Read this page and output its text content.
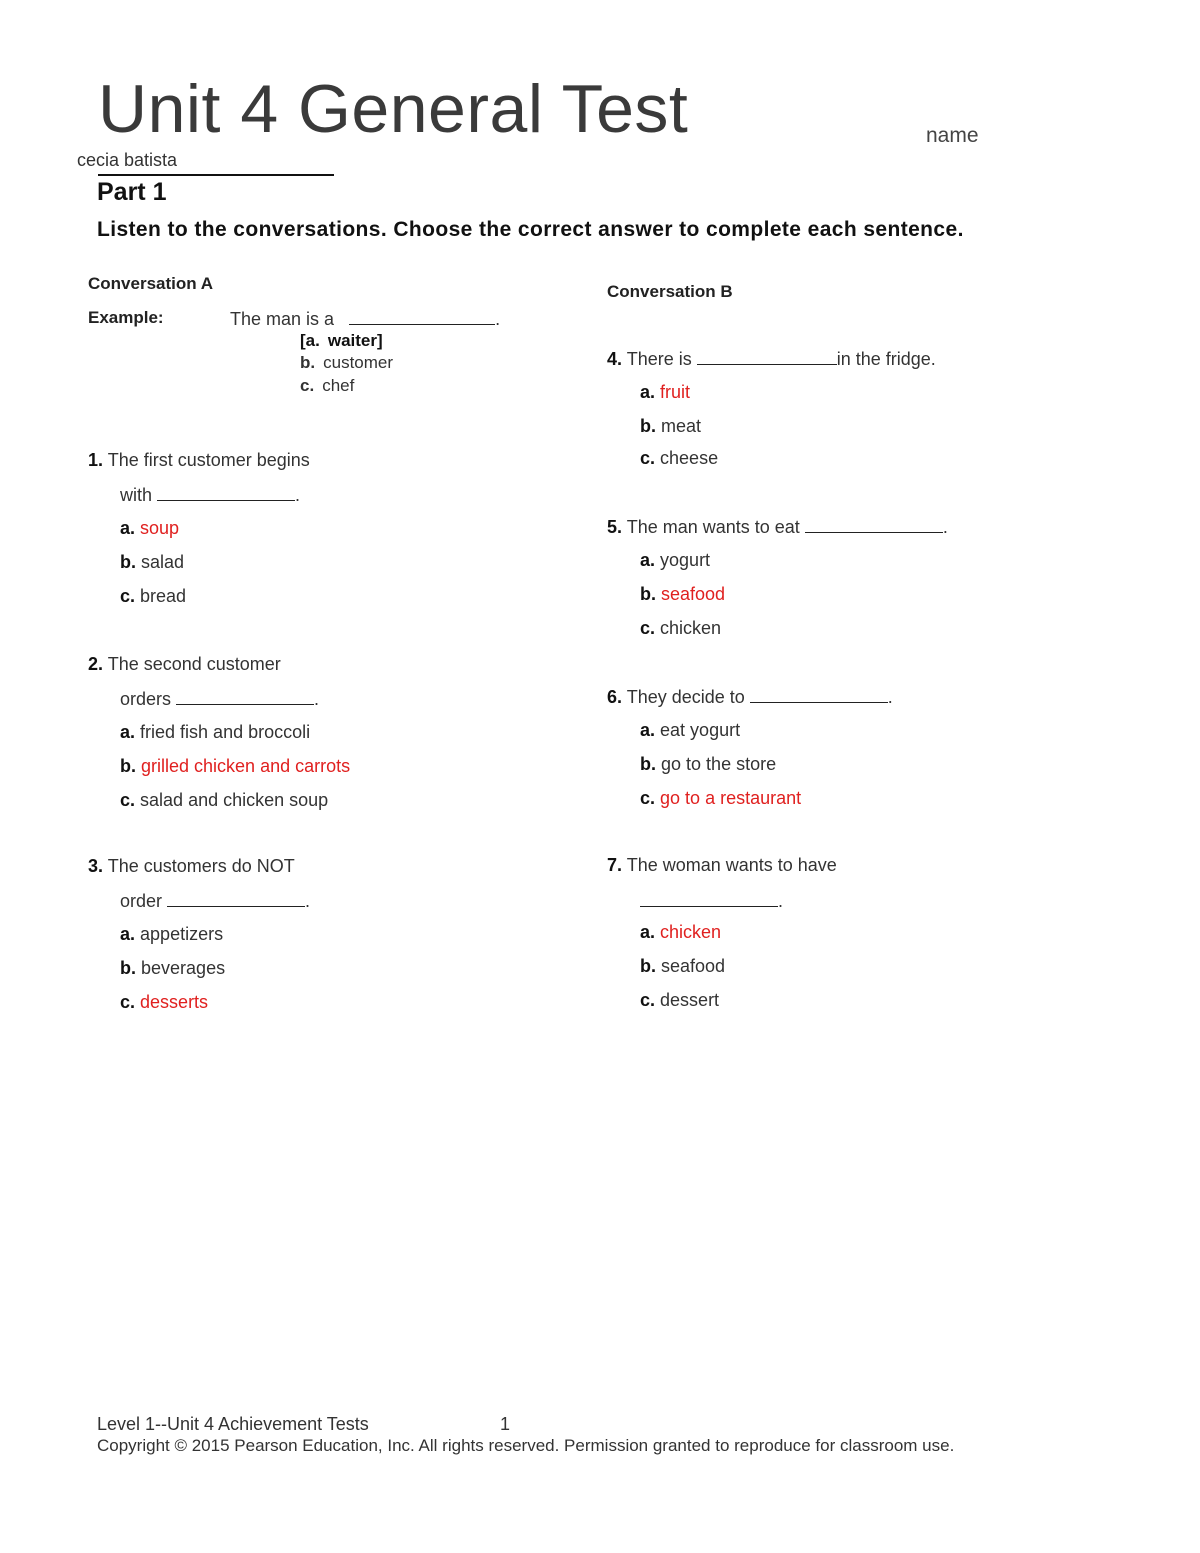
Unit 4 General Test	name
cecia batista
Part 1
Listen to the conversations. Choose the correct answer to complete each sentence.
Conversation A	Conversation B
Example:	The man is a	.
[a. waiter]
b. customer
c. chef
1. The first customer begins
with	.
a. soup
b. salad
c. bread
2. The second customer
orders	.
a. fried fish and broccoli
b. grilled chicken and carrots
c. salad and chicken soup
3. The customers do NOT
order	.
a. appetizers
b. beverages
c. desserts
4. There is	in the fridge.
a. fruit
b. meat
c. cheese
5. The man wants to eat	.
a. yogurt
b. seafood
c. chicken
6. They decide to	.
a. eat yogurt
b. go to the store
c. go to a restaurant
7. The woman wants to have
.
a. chicken
b. seafood
c. dessert
Level 1--Unit 4 Achievement Tests	1
Copyright © 2015 Pearson Education, Inc. All rights reserved. Permission granted to reproduce for classroom use.
